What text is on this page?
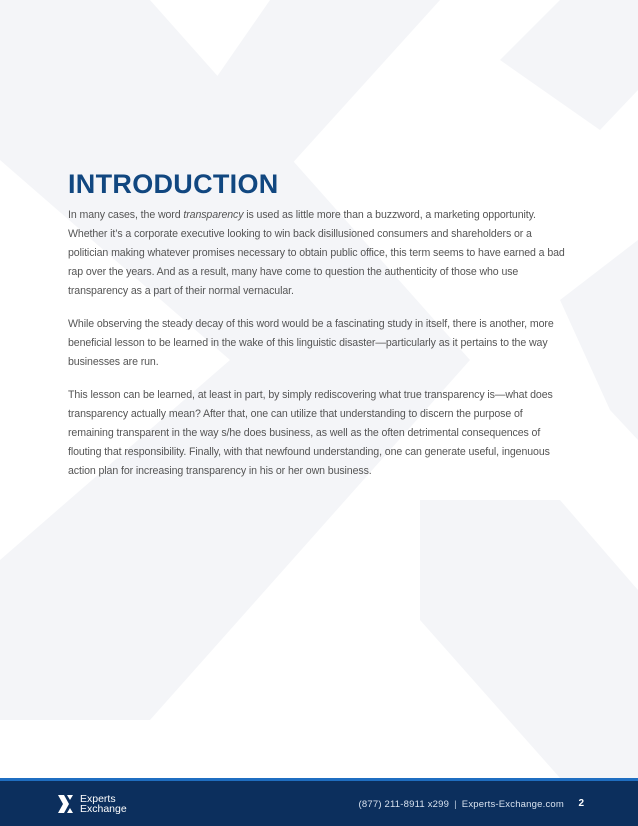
INTRODUCTION

In many cases, the word transparency is used as little more than a buzzword, a marketing opportunity. Whether it’s a corporate executive looking to win back disillusioned consumers and shareholders or a politician making whatever promises necessary to obtain public office, this term seems to have earned a bad rap over the years. And as a result, many have come to question the authenticity of those who use transparency as a part of their normal vernacular.

While observing the steady decay of this word would be a fascinating study in itself, there is another, more beneficial lesson to be learned in the wake of this linguistic disaster—particularly as it pertains to the way businesses are run.

This lesson can be learned, at least in part, by simply rediscovering what true transparency is—what does transparency actually mean? After that, one can utilize that understanding to discern the purpose of remaining transparent in the way s/he does business, as well as the often detrimental consequences of flouting that responsibility. Finally, with that newfound understanding, one can generate useful, ingenuous action plan for increasing transparency in his or her own business.

Experts
Exchange	(877) 211-8911 x299 | Experts-Exchange.com 2
